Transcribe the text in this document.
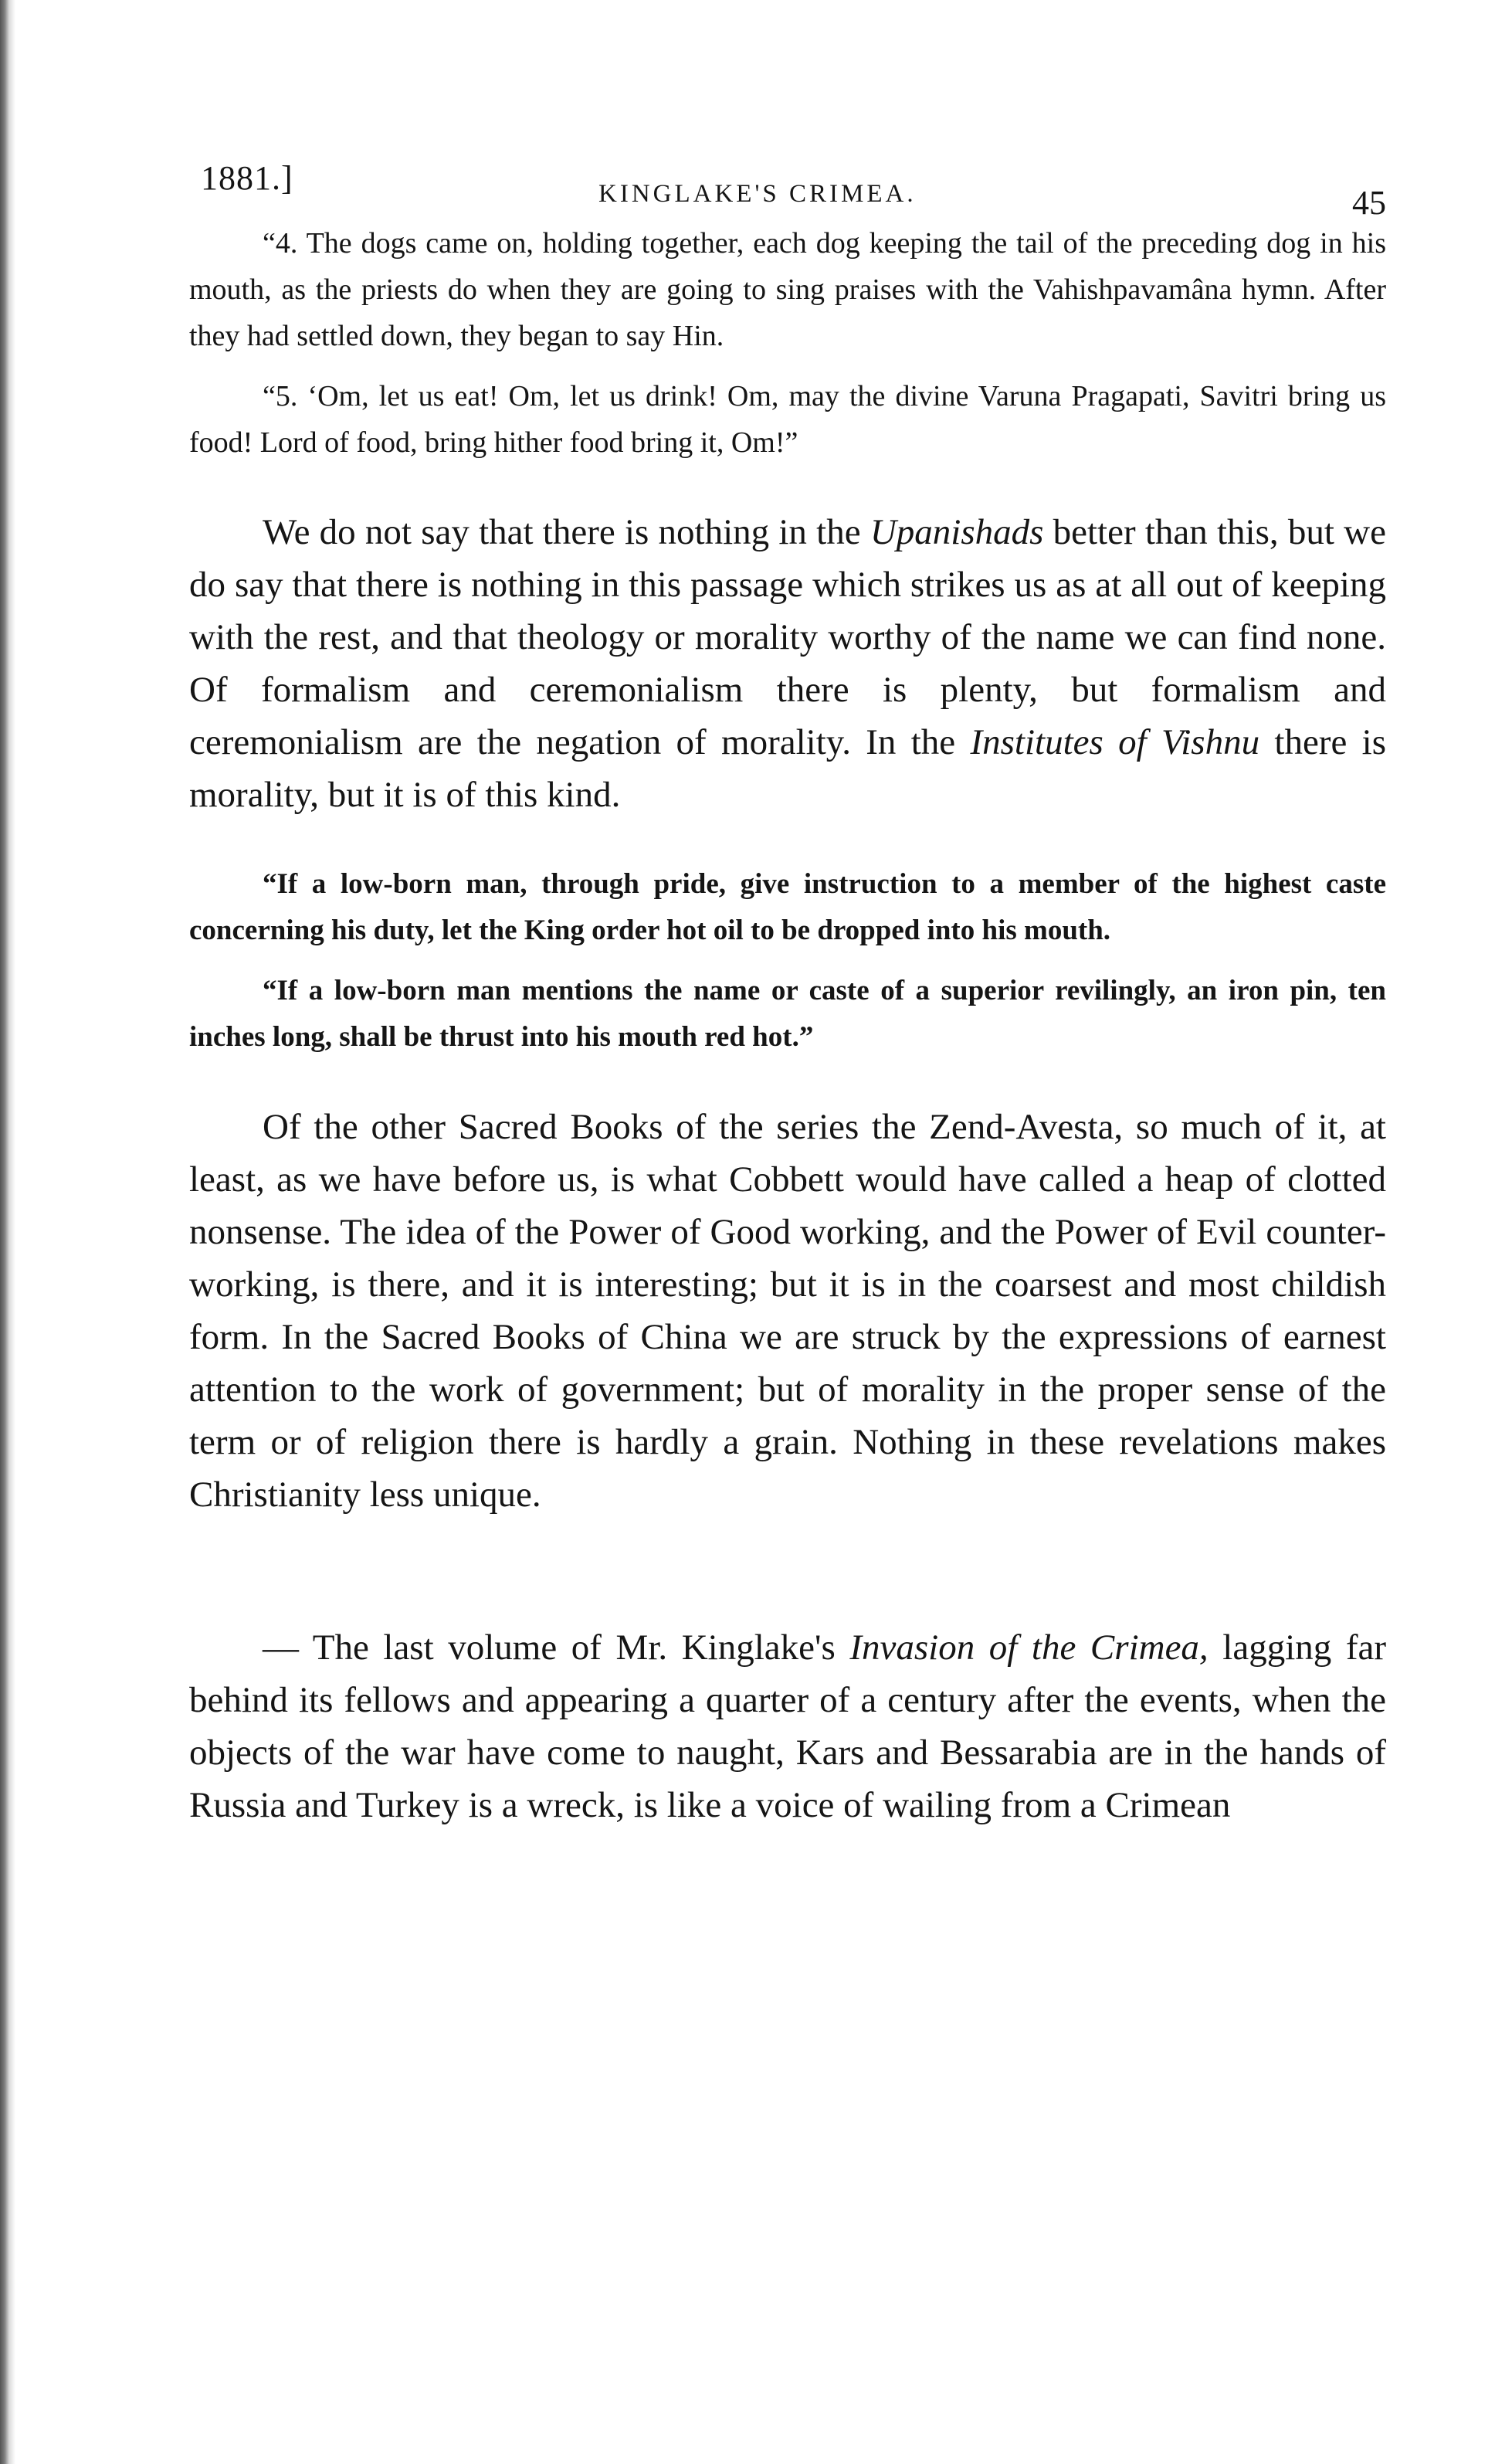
1881.]	KINGLAKE'S CRIMEA.	45

“4. The dogs came on, holding together, each dog keeping the tail of the preceding dog in his mouth, as the priests do when they are going to sing praises with the Vahishpavamâna hymn. After they had settled down, they began to say Hin.

“5. ‘Om, let us eat! Om, let us drink! Om, may the divine Varuna Pragapati, Savitri bring us food! Lord of food, bring hither food bring it, Om!”

We do not say that there is nothing in the Upanishads better than this, but we do say that there is nothing in this passage which strikes us as at all out of keeping with the rest, and that theology or morality worthy of the name we can find none. Of formalism and ceremonialism there is plenty, but formalism and ceremonialism are the negation of morality. In the Institutes of Vishnu there is morality, but it is of this kind.

“If a low-born man, through pride, give instruction to a member of the highest caste concerning his duty, let the King order hot oil to be dropped into his mouth.

“If a low-born man mentions the name or caste of a superior revilingly, an iron pin, ten inches long, shall be thrust into his mouth red hot.”

Of the other Sacred Books of the series the Zend-Avesta, so much of it, at least, as we have before us, is what Cobbett would have called a heap of clotted nonsense. The idea of the Power of Good working, and the Power of Evil counter-working, is there, and it is interesting; but it is in the coarsest and most childish form. In the Sacred Books of China we are struck by the expressions of earnest attention to the work of government; but of morality in the proper sense of the term or of religion there is hardly a grain. Nothing in these revelations makes Christianity less unique.

— The last volume of Mr. Kinglake's Invasion of the Crimea, lagging far behind its fellows and appearing a quarter of a century after the events, when the objects of the war have come to naught, Kars and Bessarabia are in the hands of Russia and Turkey is a wreck, is like a voice of wailing from a Crimean
